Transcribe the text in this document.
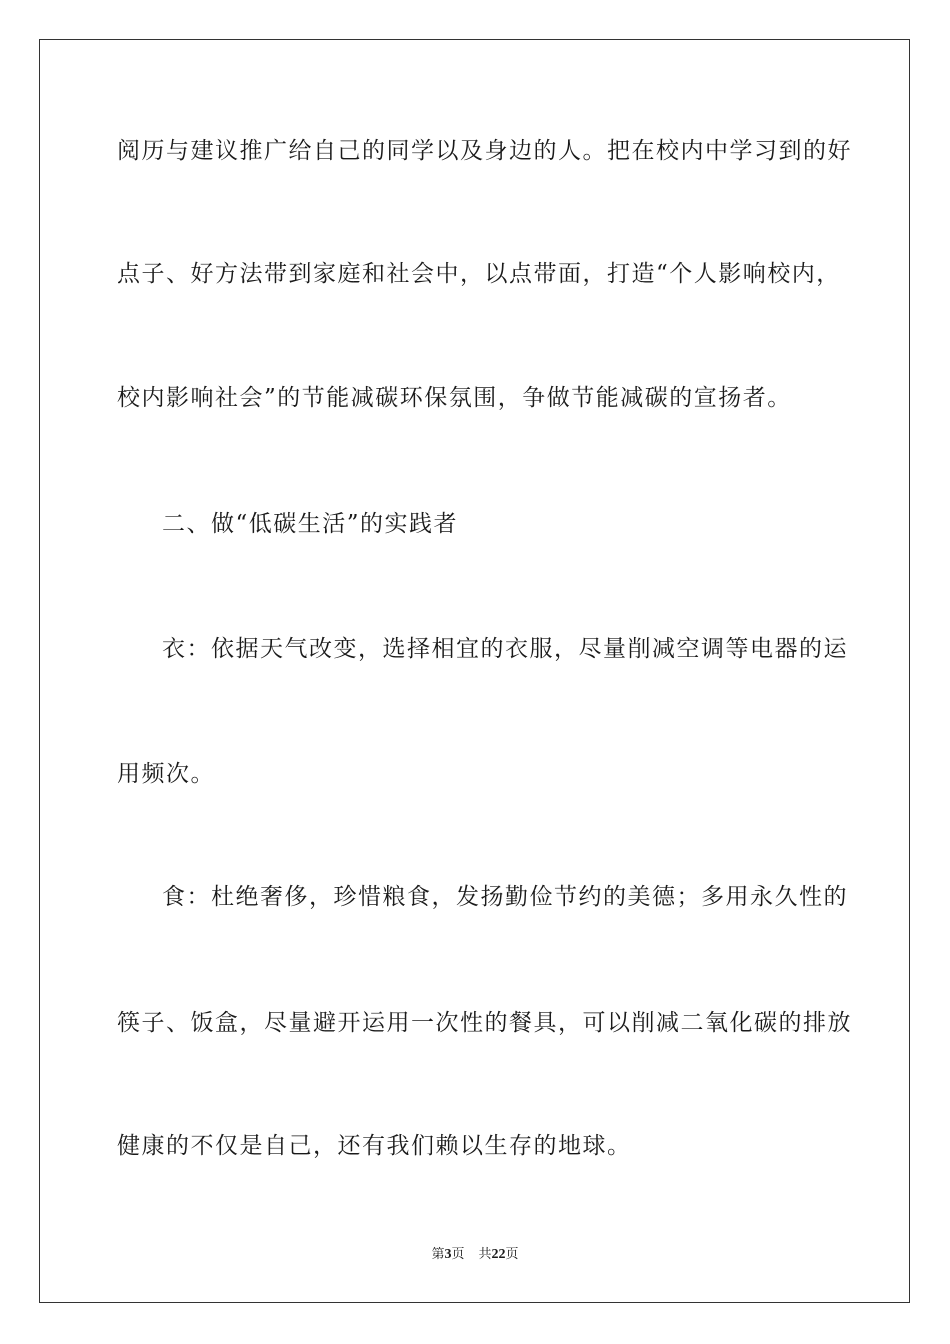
阅历与建议推广给自己的同学以及身边的人。把在校内中学习到的好
点子、好方法带到家庭和社会中，以点带面，打造“个人影响校内，
校内影响社会”的节能减碳环保氛围，争做节能减碳的宣扬者。
二、做“低碳生活”的实践者
衣：依据天气改变，选择相宜的衣服，尽量削减空调等电器的运
用频次。
食：杜绝奢侈，珍惜粮食，发扬勤俭节约的美德；多用永久性的
筷子、饭盒，尽量避开运用一次性的餐具，可以削减二氧化碳的排放
健康的不仅是自己，还有我们赖以生存的地球。
第3页 共22页
